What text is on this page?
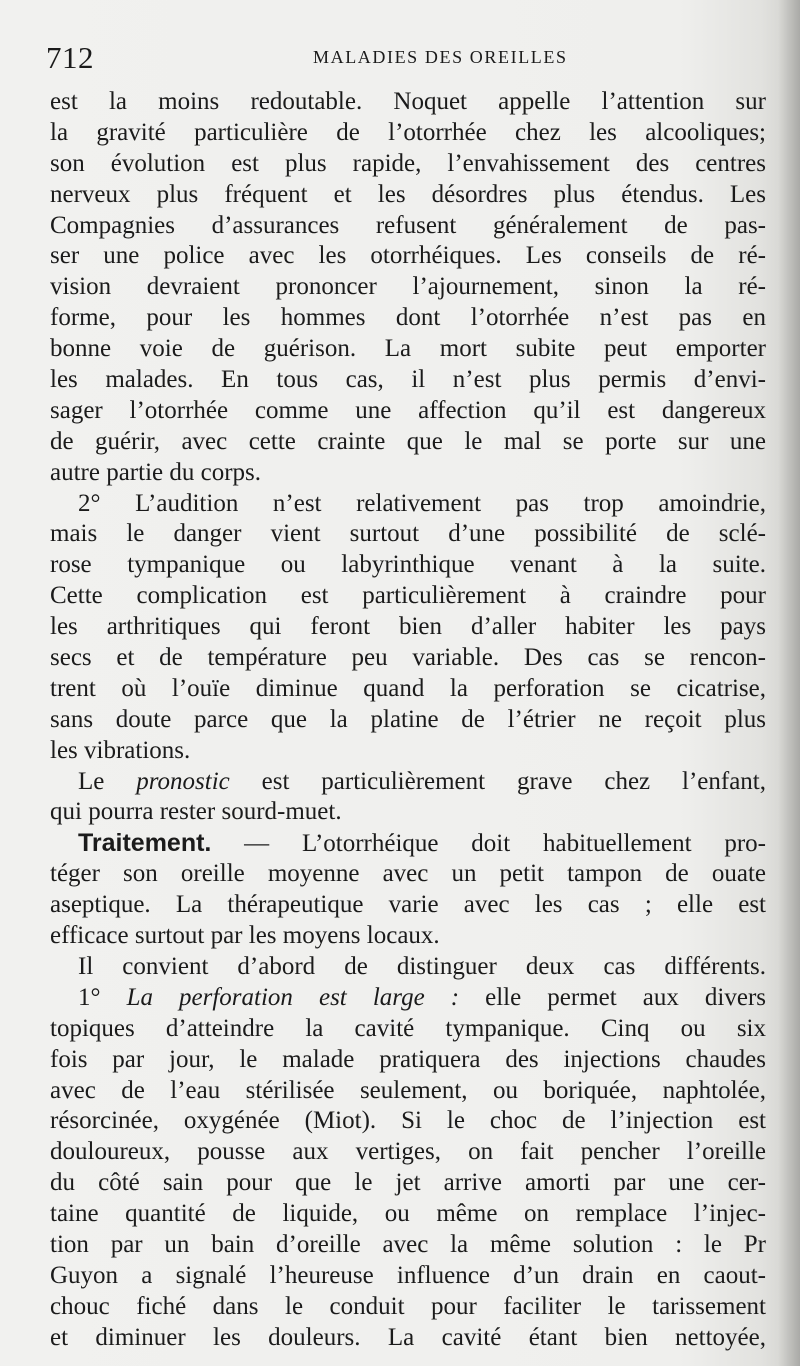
712	MALADIES DES OREILLES
est la moins redoutable. Noquet appelle l’attention sur
la gravité particulière de l’otorrhée chez les alcooliques;
son évolution est plus rapide, l’envahissement des centres
nerveux plus fréquent et les désordres plus étendus. Les
Compagnies d’assurances refusent généralement de pas-
ser une police avec les otorrhéiques. Les conseils de ré-
vision devraient prononcer l’ajournement, sinon la ré-
forme, pour les hommes dont l’otorrhée n’est pas en
bonne voie de guérison. La mort subite peut emporter
les malades. En tous cas, il n’est plus permis d’envi-
sager l’otorrhée comme une affection qu’il est dangereux
de guérir, avec cette crainte que le mal se porte sur une
autre partie du corps.
2° L’audition n’est relativement pas trop amoindrie,
mais le danger vient surtout d’une possibilité de sclé-
rose tympanique ou labyrinthique venant à la suite.
Cette complication est particulièrement à craindre pour
les arthritiques qui feront bien d’aller habiter les pays
secs et de température peu variable. Des cas se rencon-
trent où l’ouïe diminue quand la perforation se cicatrise,
sans doute parce que la platine de l’étrier ne reçoit plus
les vibrations.
Le pronostic est particulièrement grave chez l’enfant,
qui pourra rester sourd-muet.
Traitement. — L’otorrhéique doit habituellement pro-
téger son oreille moyenne avec un petit tampon de ouate
aseptique. La thérapeutique varie avec les cas ; elle est
efficace surtout par les moyens locaux.
Il convient d’abord de distinguer deux cas différents.
1° La perforation est large : elle permet aux divers
topiques d’atteindre la cavité tympanique. Cinq ou six
fois par jour, le malade pratiquera des injections chaudes
avec de l’eau stérilisée seulement, ou boriquée, naphtolée,
résorcinée, oxygénée (Miot). Si le choc de l’injection est
douloureux, pousse aux vertiges, on fait pencher l’oreille
du côté sain pour que le jet arrive amorti par une cer-
taine quantité de liquide, ou même on remplace l’injec-
tion par un bain d’oreille avec la même solution : le Pr
Guyon a signalé l’heureuse influence d’un drain en caout-
chouc fiché dans le conduit pour faciliter le tarissement
et diminuer les douleurs. La cavité étant bien nettoyée,
